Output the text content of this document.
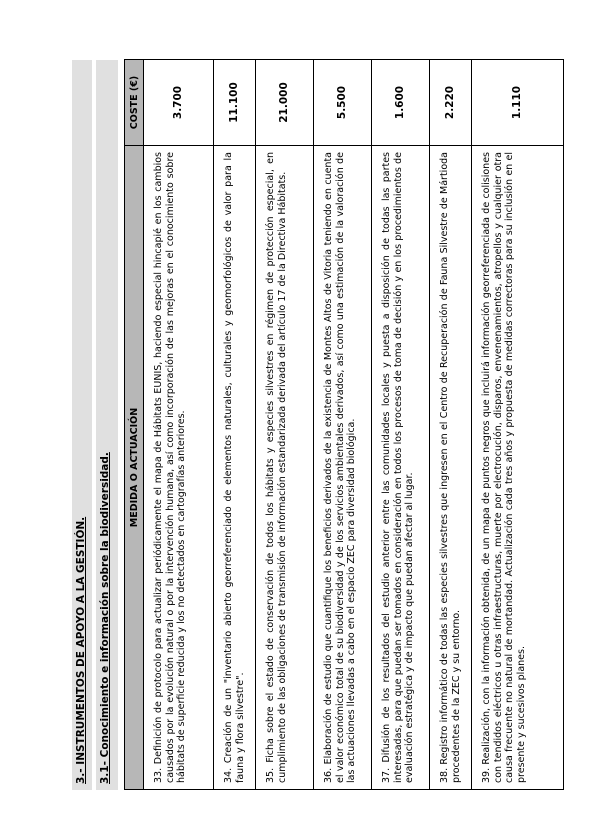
3.- INSTRUMENTOS DE APOYO A LA GESTIÓN.	3.1- Conocimiento e información sobre la biodiversidad.	MEDIDA O ACTUACIÓN	COSTE (€)
33. Definición de protocolo para actualizar periódicamente el mapa de Hábitats EUNIS, haciendo especial hincapié en los cambios causados por la evolución natural o por la intervención humana, así como incorporación de las mejoras en el conocimiento sobre hábitats de superficie reducida y los no detectados en cartografías anteriores.	3.700
34. Creación de un "inventario abierto georreferenciado de elementos naturales, culturales y geomorfológicos de valor para la fauna y flora silvestre".	11.100
35. Ficha sobre el estado de conservación de todos los hábitats y especies silvestres en régimen de protección especial, en cumplimiento de las obligaciones de transmisión de información estandarizada derivada del artículo 17 de la Directiva Hábitats.	21.000
36. Elaboración de estudio que cuantifique los beneficios derivados de la existencia de Montes Altos de Vitoria teniendo en cuenta el valor económico total de su biodiversidad y de los servicios ambientales derivados, así como una estimación de la valoración de las actuaciones llevadas a cabo en el espacio ZEC para diversidad biológica.	5.500
37. Difusión de los resultados del estudio anterior entre las comunidades locales y puesta a disposición de todas las partes interesadas, para que puedan ser tomados en consideración en todos los procesos de toma de decisión y en los procedimientos de evaluación estratégica y de impacto que puedan afectar al lugar.	1.600
38. Registro informático de todas las especies silvestres que ingresen en el Centro de Recuperación de Fauna Silvestre de Mártioda procedentes de la ZEC y su entorno.	2.220
39. Realización, con la información obtenida, de un mapa de puntos negros que incluirá información georreferenciada de colisiones con tendidos eléctricos u otras infraestructuras, muerte por electrocución, disparos, envenenamientos, atropellos y cualquier otra causa frecuente no natural de mortandad. Actualización cada tres años y propuesta de medidas correctoras para su inclusión en el presente y sucesivos planes.	1.110
